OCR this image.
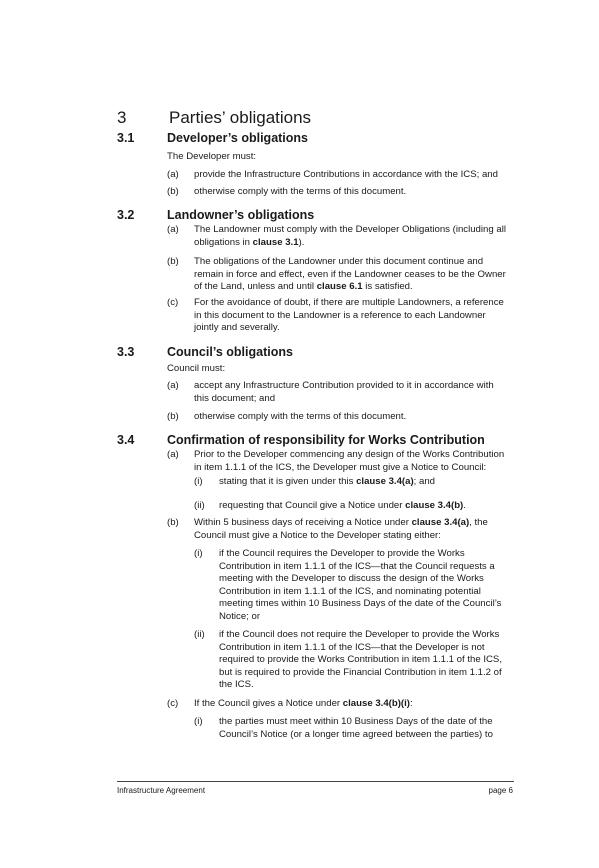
3	Parties’ obligations
3.1	Developer’s obligations
The Developer must:
(a) provide the Infrastructure Contributions in accordance with the ICS; and
(b) otherwise comply with the terms of this document.
3.2	Landowner’s obligations
(a) The Landowner must comply with the Developer Obligations (including all obligations in clause 3.1).
(b) The obligations of the Landowner under this document continue and remain in force and effect, even if the Landowner ceases to be the Owner of the Land, unless and until clause 6.1 is satisfied.
(c) For the avoidance of doubt, if there are multiple Landowners, a reference in this document to the Landowner is a reference to each Landowner jointly and severally.
3.3	Council’s obligations
Council must:
(a) accept any Infrastructure Contribution provided to it in accordance with this document; and
(b) otherwise comply with the terms of this document.
3.4	Confirmation of responsibility for Works Contribution
(a) Prior to the Developer commencing any design of the Works Contribution in item 1.1.1 of the ICS, the Developer must give a Notice to Council:
(i) stating that it is given under this clause 3.4(a); and
(ii) requesting that Council give a Notice under clause 3.4(b).
(b) Within 5 business days of receiving a Notice under clause 3.4(a), the Council must give a Notice to the Developer stating either:
(i) if the Council requires the Developer to provide the Works Contribution in item 1.1.1 of the ICS—that the Council requests a meeting with the Developer to discuss the design of the Works Contribution in item 1.1.1 of the ICS, and nominating potential meeting times within 10 Business Days of the date of the Council’s Notice; or
(ii) if the Council does not require the Developer to provide the Works Contribution in item 1.1.1 of the ICS—that the Developer is not required to provide the Works Contribution in item 1.1.1 of the ICS, but is required to provide the Financial Contribution in item 1.1.2 of the ICS.
(c) If the Council gives a Notice under clause 3.4(b)(i):
(i) the parties must meet within 10 Business Days of the date of the Council’s Notice (or a longer time agreed between the parties) to
Infrastructure Agreement	page 6
